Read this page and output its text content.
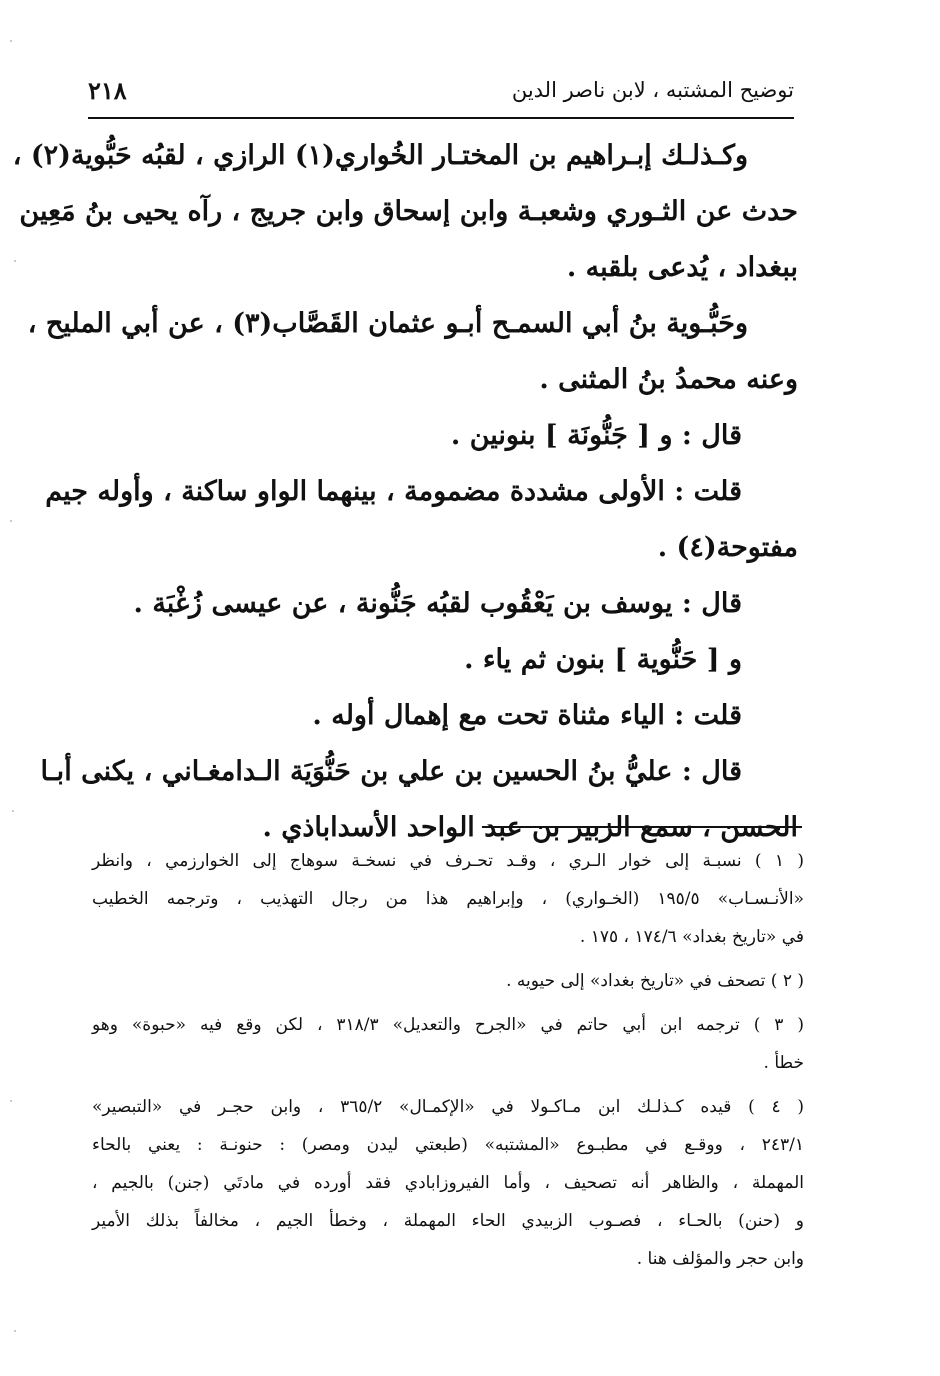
٢١٨	توضيح المشتبه ، لابن ناصر الدين
وكـذلـك إبـراهيم بن المختـار الخُواري(١) الرازي ، لقبُه حَبُّوية(٢) ،
حدث عن الثـوري وشعبـة وابن إسحاق وابن جريج ، رآه يحيى بنُ مَعِين
ببغداد ، يُدعى بلقبه .
وحَبُّـوية بنُ أبي السمـح أبـو عثمان القَصَّاب(٣) ، عن أبي المليح ،
وعنه محمدُ بنُ المثنى .
قال : و [ جَنُّونَة ] بنونين .
قلت : الأولى مشددة مضمومة ، بينهما الواو ساكنة ، وأوله جيم
مفتوحة(٤) .
قال : يوسف بن يَعْقُوب لقبُه جَنُّونة ، عن عيسى زُغْبَة .
و [ حَنُّوية ] بنون ثم ياء .
قلت : الياء مثناة تحت مع إهمال أوله .
قال : عليُّ بنُ الحسين بن علي بن حَنُّوَيَة الـدامغـاني ، يكنى أبـا
الحسن ، سمع الزبير بن عبد الواحد الأسداباذي .
( ١ ) نسبـة إلى خوار الـري ، وقـد تحـرف في نسخـة سوهاج إلى الخوارزمي ، وانظر
«الأنـسـاب» ١٩٥/٥ (الخـواري) ، وإبراهيم هذا من رجال التهذيب ، وترجمه الخطيب
في «تاريخ بغداد» ١٧٤/٦ ، ١٧٥ .
( ٢ ) تصحف في «تاريخ بغداد» إلى حيويه .
( ٣ ) ترجمه ابن أبي حاتم في «الجرح والتعديل» ٣١٨/٣ ، لكن وقع فيه «حبوة» وهو
خطأ .
( ٤ ) قيده كـذلـك ابن مـاكـولا في «الإكمـال» ٣٦٥/٢ ، وابن حجـر في «التبصير»
٢٤٣/١ ، ووقـع في مطبـوع «المشتبه» (طبعتي ليدن ومصر) : حنونـة : يعني بالحاء
المهملة ، والظاهر أنه تصحيف ، وأما الفيروزابادي فقد أورده في مادتَي (جنن) بالجيم ،
و (حنن) بالحـاء ، فصـوب الزبيدي الحاء المهملة ، وخطأ الجيم ، مخالفاً بذلك الأمير
وابن حجر والمؤلف هنا .
